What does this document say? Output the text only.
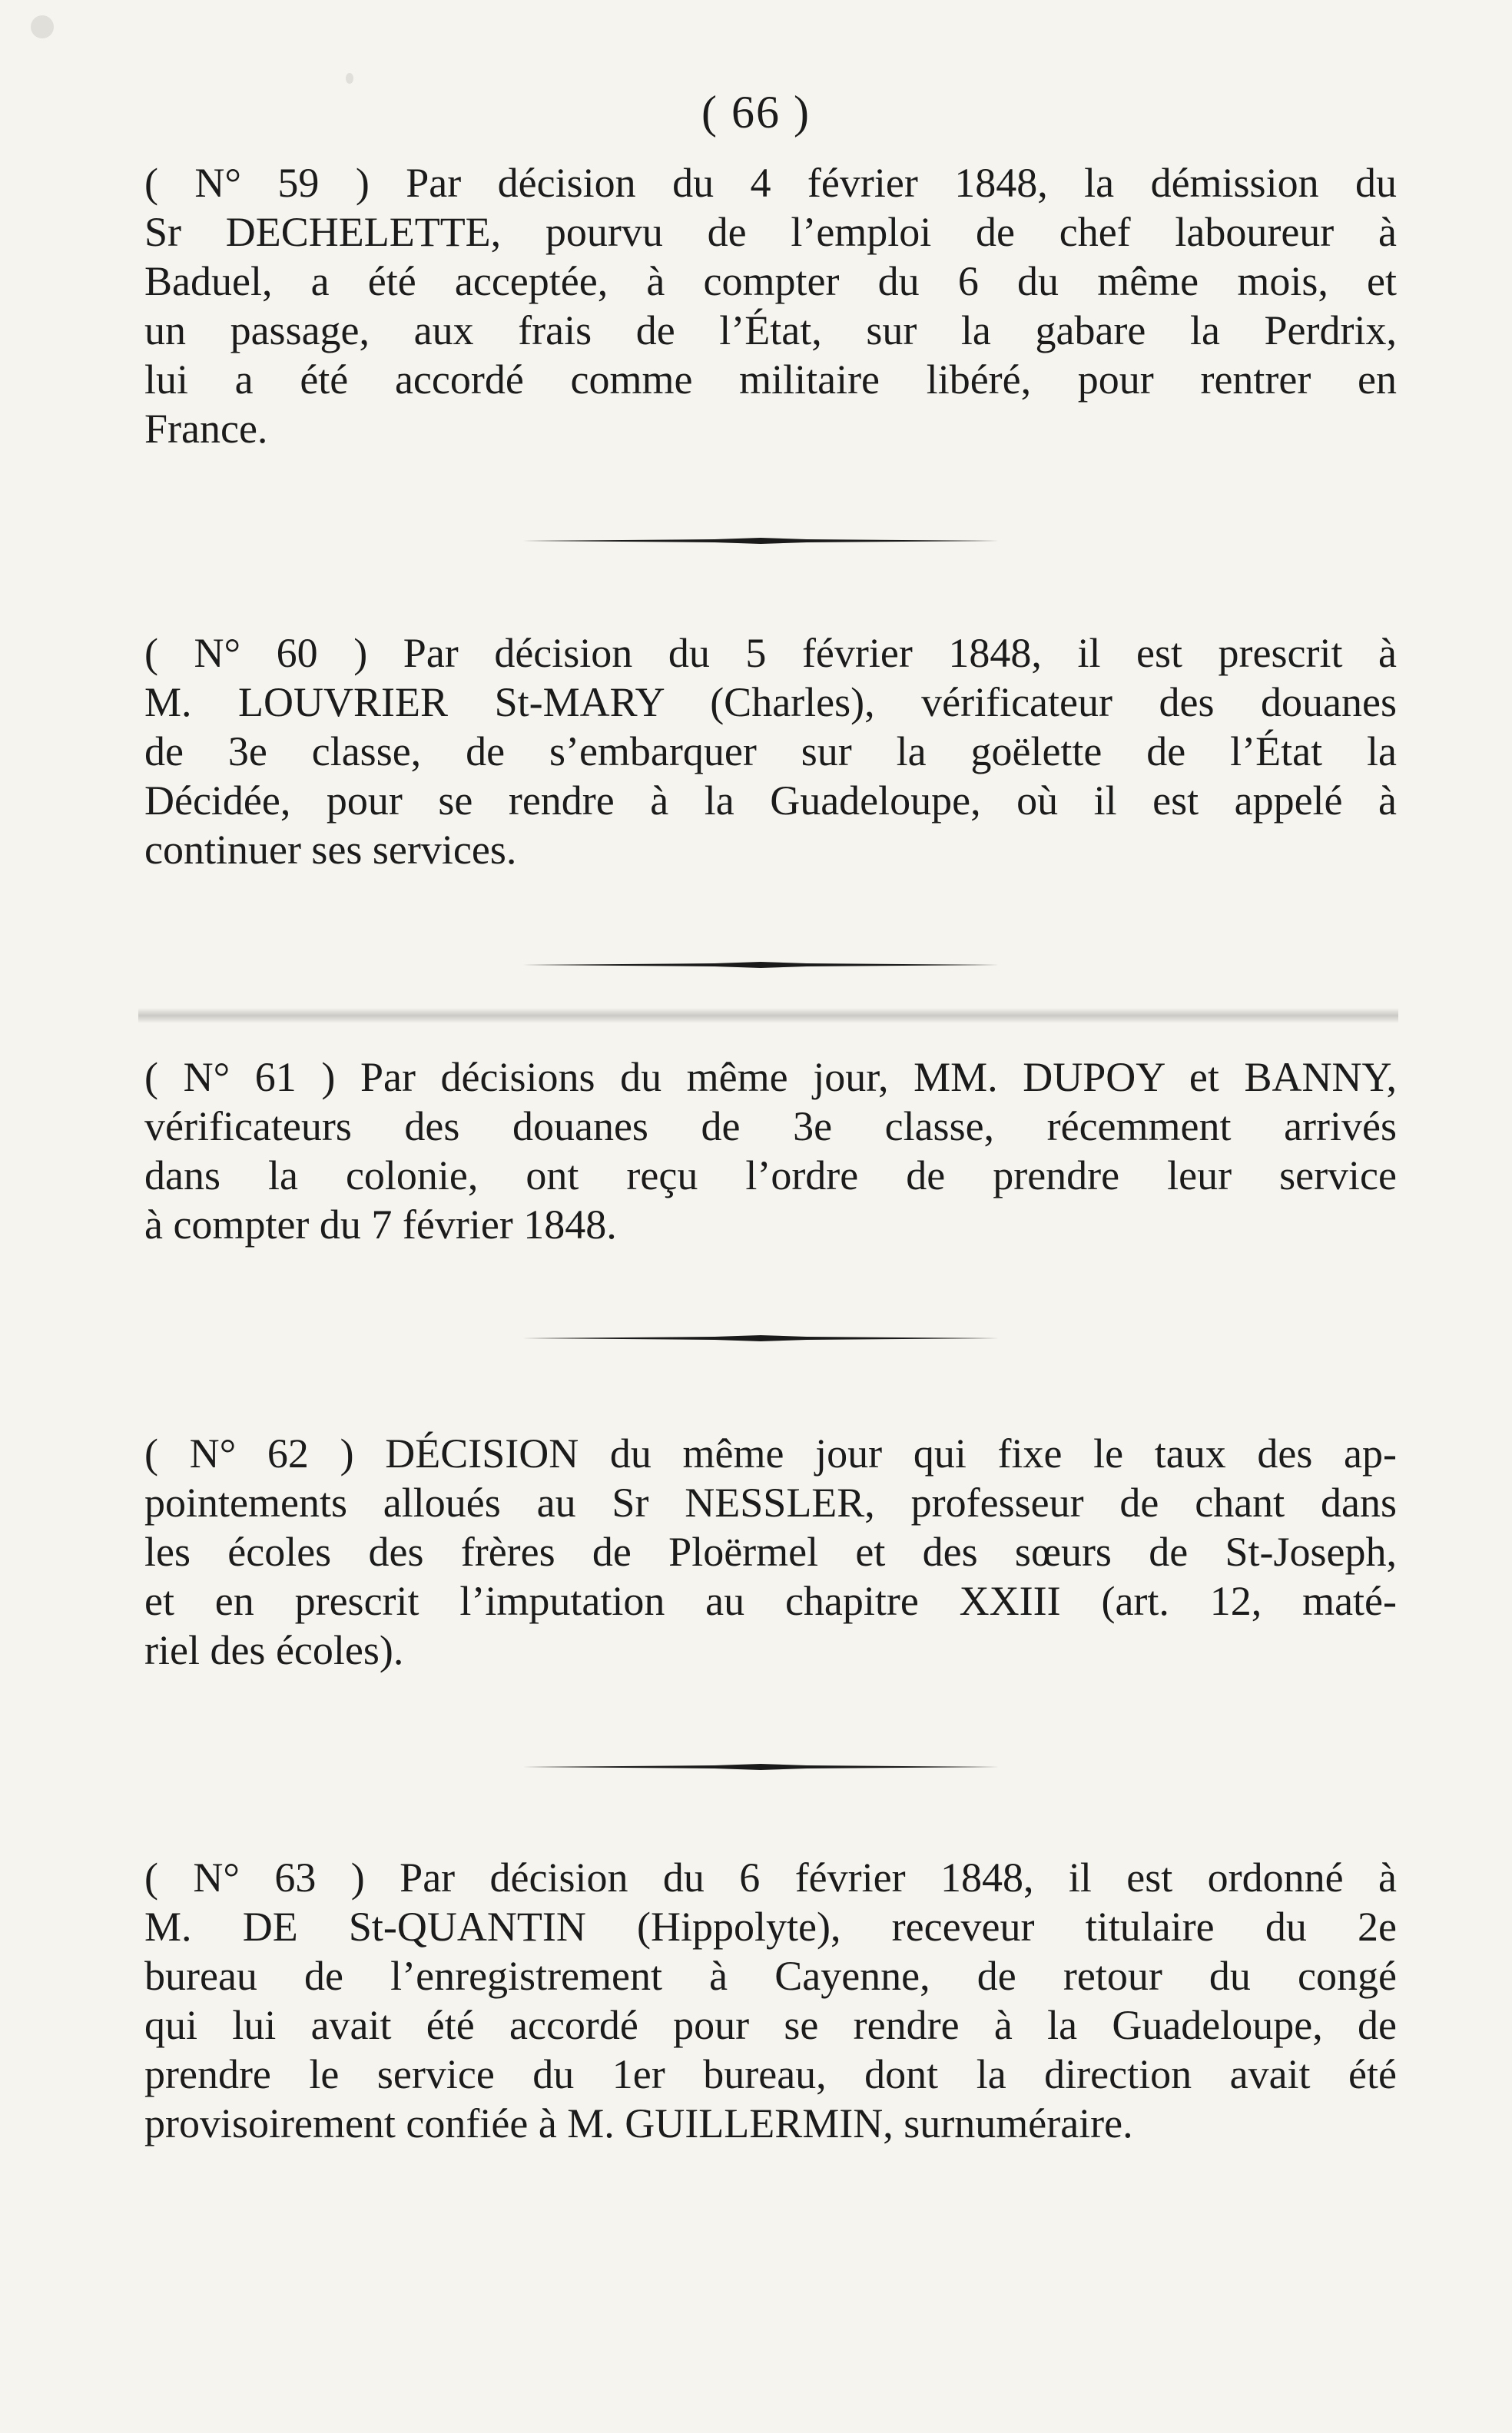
( 66 )
( N° 59 ) Par décision du 4 février 1848, la démission du
Sr DECHELETTE, pourvu de l’emploi de chef laboureur à
Baduel, a été acceptée, à compter du 6 du même mois, et
un passage, aux frais de l’État, sur la gabare la Perdrix,
lui a été accordé comme militaire libéré, pour rentrer en
France.
( N° 60 ) Par décision du 5 février 1848, il est prescrit à
M. LOUVRIER St-MARY (Charles), vérificateur des douanes
de 3e classe, de s’embarquer sur la goëlette de l’État la
Décidée, pour se rendre à la Guadeloupe, où il est appelé à
continuer ses services.
( N° 61 ) Par décisions du même jour, MM. DUPOY et BANNY,
vérificateurs des douanes de 3e classe, récemment arrivés
dans la colonie, ont reçu l’ordre de prendre leur service
à compter du 7 février 1848.
( N° 62 ) DÉCISION du même jour qui fixe le taux des ap-
pointements alloués au Sr NESSLER, professeur de chant dans
les écoles des frères de Ploërmel et des sœurs de St-Joseph,
et en prescrit l’imputation au chapitre XXIII (art. 12, maté-
riel des écoles).
( N° 63 ) Par décision du 6 février 1848, il est ordonné à
M. DE St-QUANTIN (Hippolyte), receveur titulaire du 2e
bureau de l’enregistrement à Cayenne, de retour du congé
qui lui avait été accordé pour se rendre à la Guadeloupe, de
prendre le service du 1er bureau, dont la direction avait été
provisoirement confiée à M. GUILLERMIN, surnuméraire.
